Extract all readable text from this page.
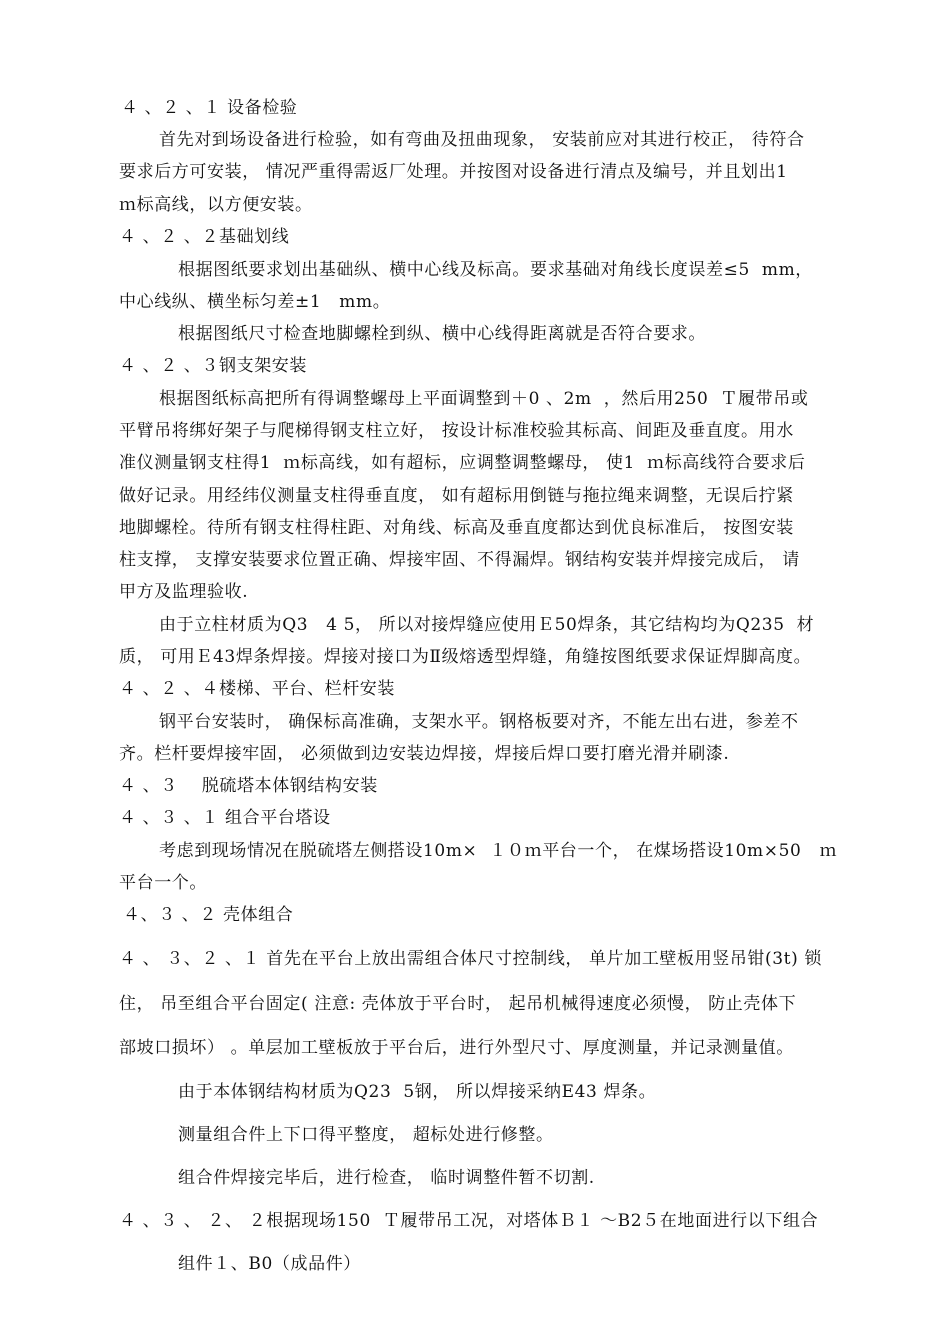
４ 、２ 、１ 设备检验
首先对到场设备进行检验，如有弯曲及扭曲现象， 安装前应对其进行校正， 待符合
要求后方可安装， 情况严重得需返厂处理。并按图对设备进行清点及编号，并且划出1
ｍ标高线，以方便安装。
４ 、２ 、２基础划线
根据图纸要求划出基础纵、横中心线及标高。要求基础对角线长度误差≤5  mm，
中心线纵、横坐标匀差±1   mm。
根据图纸尺寸检查地脚螺栓到纵、横中心线得距离就是否符合要求。
４ 、２ 、３钢支架安装
根据图纸标高把所有得调整螺母上平面调整到＋0 、2m  ，然后用250  Ｔ履带吊或
平臂吊将绑好架子与爬梯得钢支柱立好， 按设计标准校验其标高、间距及垂直度。用水
准仪测量钢支柱得1  ｍ标高线，如有超标，应调整调整螺母， 使1  ｍ标高线符合要求后
做好记录。用经纬仪测量支柱得垂直度， 如有超标用倒链与拖拉绳来调整，无误后拧紧
地脚螺栓。待所有钢支柱得柱距、对角线、标高及垂直度都达到优良标准后， 按图安装
柱支撑， 支撑安装要求位置正确、焊接牢固、不得漏焊。钢结构安装并焊接完成后， 请
甲方及监理验收.
由于立柱材质为Q3   4 5， 所以对接焊缝应使用Ｅ50焊条，其它结构均为Q235  材
质， 可用Ｅ43焊条焊接。焊接对接口为Ⅱ级熔透型焊缝，角缝按图纸要求保证焊脚高度。
４ 、２ 、４楼梯、平台、栏杆安装
钢平台安装时， 确保标高准确，支架水平。钢格板要对齐，不能左出右进，参差不
齐。栏杆要焊接牢固， 必须做到边安装边焊接，焊接后焊口要打磨光滑并刷漆.
４ 、３    脱硫塔本体钢结构安装
４ 、３ 、１ 组合平台塔设
考虑到现场情况在脱硫塔左侧搭设10m×  １０ｍ平台一个， 在煤场搭设10m×50   ｍ
平台一个。
４、３ 、２ 壳体组合
４ 、 ３、２ 、１ 首先在平台上放出需组合体尺寸控制线， 单片加工壁板用竖吊钳(3t) 锁
住， 吊至组合平台固定( 注意: 壳体放于平台时， 起吊机械得速度必须慢， 防止壳体下
部坡口损坏） 。单层加工壁板放于平台后，进行外型尺寸、厚度测量，并记录测量值。
由于本体钢结构材质为Q23  5钢， 所以焊接采纳E43 焊条。
测量组合件上下口得平整度， 超标处进行修整。
组合件焊接完毕后，进行检查， 临时调整件暂不切割.
４ 、３ 、 ２、 ２根据现场150  Ｔ履带吊工况，对塔体Ｂ１ ～B2５在地面进行以下组合
组件１、B0（成品件）
